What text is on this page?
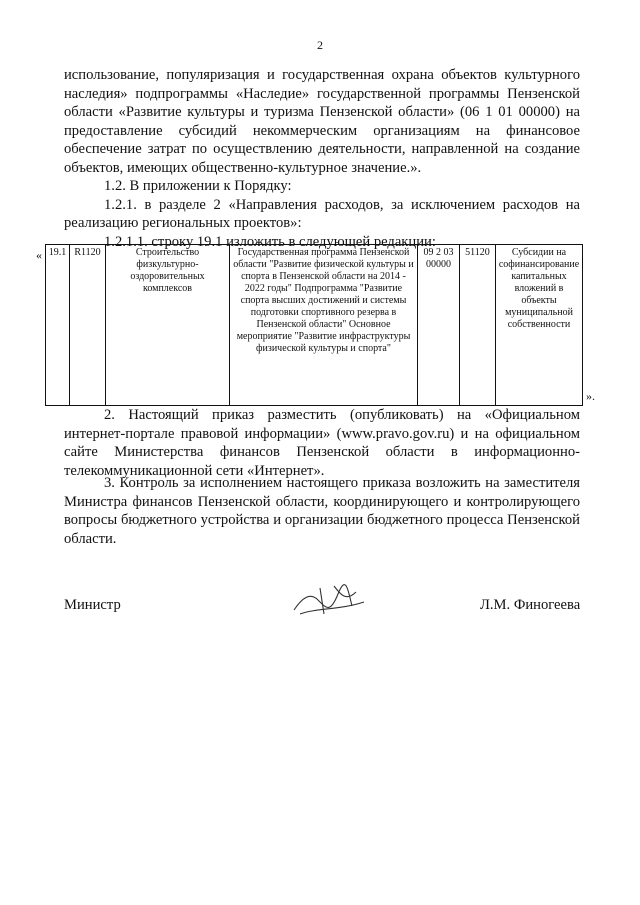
2
использование, популяризация и государственная охрана объектов культурного наследия» подпрограммы «Наследие» государственной программы Пензенской области «Развитие культуры и туризма Пензенской области» (06 1 01 00000) на предоставление субсидий некоммерческим организациям на финансовое обеспечение затрат по осуществлению деятельности, направленной на создание объектов, имеющих общественно-культурное значение.».
1.2. В приложении к Порядку:
1.2.1. в разделе 2 «Направления расходов, за исключением расходов на реализацию региональных проектов»:
1.2.1.1. строку 19.1 изложить в следующей редакции:
« 19.1	R1120	Строительство физкультурно-оздоровительных комплексов	Государственная программа Пензенской области "Развитие физической культуры и спорта в Пензенской области на 2014 - 2022 годы" Подпрограмма "Развитие спорта высших достижений и системы подготовки спортивного резерва в Пензенской области" Основное мероприятие "Развитие инфраструктуры физической культуры и спорта"	09 2 03 00000	51120	Субсидии на софинансирование капитальных вложений в объекты муниципальной собственности
».
2. Настоящий приказ разместить (опубликовать) на «Официальном интернет-портале правовой информации» (www.pravo.gov.ru) и на официальном сайте Министерства финансов Пензенской области в информационно-телекоммуникационной сети «Интернет».
3. Контроль за исполнением настоящего приказа возложить на заместителя Министра финансов Пензенской области, координирующего и контролирующего вопросы бюджетного устройства и организации бюджетного процесса Пензенской области.
Министр	Л.М. Финогеева
